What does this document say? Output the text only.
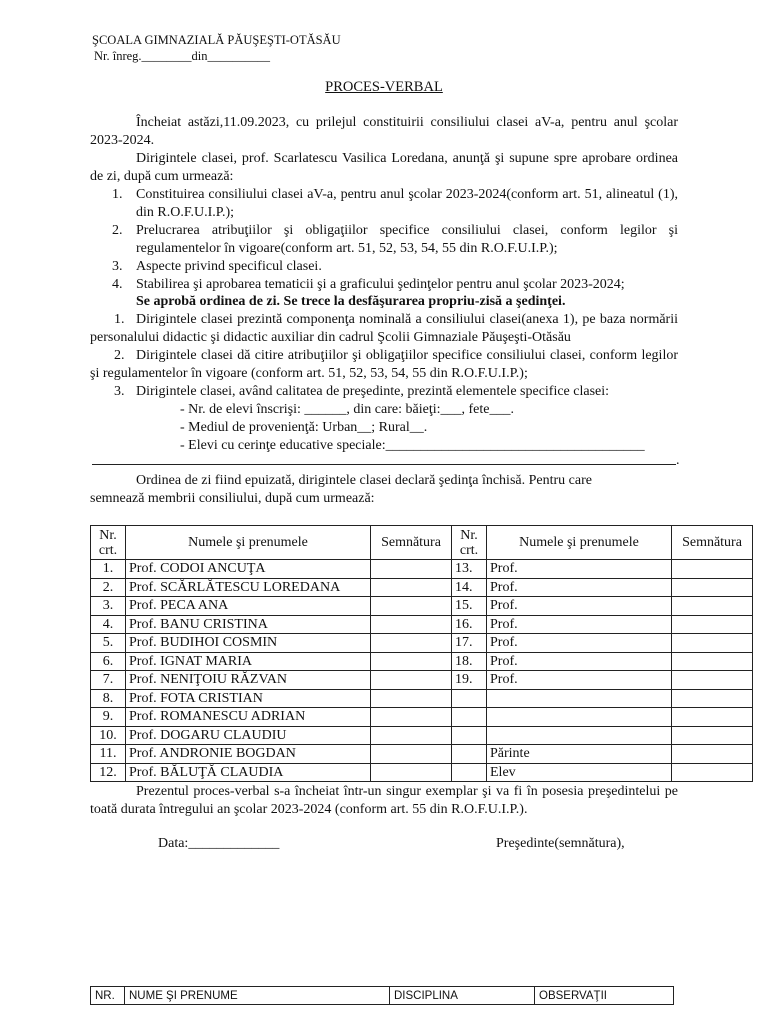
ŞCOALA GIMNAZIALĂ PĂUŞEŞTI-OTĂSĂU
Nr. înreg.________din__________
PROCES-VERBAL
Încheiat astăzi,11.09.2023, cu prilejul constituirii consiliului clasei aV-a, pentru anul şcolar 2023-2024.
Dirigintele clasei, prof. Scarlatescu Vasilica Loredana, anunţă şi supune spre aprobare ordinea de zi, după cum urmează:
1. Constituirea consiliului clasei aV-a, pentru anul şcolar 2023-2024(conform art. 51, alineatul (1), din R.O.F.U.I.P.);
2. Prelucrarea atribuţiilor şi obligaţiilor specifice consiliului clasei, conform legilor şi regulamentelor în vigoare(conform art. 51, 52, 53, 54, 55 din R.O.F.U.I.P.);
3. Aspecte privind specificul clasei.
4. Stabilirea şi aprobarea tematicii şi a graficului şedinţelor pentru anul şcolar 2023-2024;
Se aprobă ordinea de zi. Se trece la desfăşurarea propriu-zisă a şedinţei.
1. Dirigintele clasei prezintă componenţa nominală a consiliului clasei(anexa 1), pe baza normării personalului didactic şi didactic auxiliar din cadrul Şcolii Gimnaziale Păuşeşti-Otăsău
2. Dirigintele clasei dă citire atribuţiilor şi obligaţiilor specifice consiliului clasei, conform legilor şi regulamentelor în vigoare (conform art. 51, 52, 53, 54, 55 din R.O.F.U.I.P.);
3. Dirigintele clasei, având calitatea de preşedinte, prezintă elementele specifice clasei:
- Nr. de elevi înscrişi: ______, din care: băieţi:___, fete___.
- Mediul de provenienţă: Urban__; Rural__.
- Elevi cu cerinţe educative speciale:_____________________________________
.
Ordinea de zi fiind epuizată, dirigintele clasei declară şedinţa închisă. Pentru care semnează membrii consiliului, după cum urmează:
Nr. crt.	Numele şi prenumele	Semnătura	Nr. crt.	Numele şi prenumele	Semnătura
1.	Prof. CODOI ANCUŢA		13.	Prof.	
2.	Prof. SCĂRLĂTESCU LOREDANA		14.	Prof.	
3.	Prof. PECA ANA		15.	Prof.	
4.	Prof. BANU CRISTINA		16.	Prof.	
5.	Prof. BUDIHOI COSMIN		17.	Prof.	
6.	Prof. IGNAT MARIA		18.	Prof.	
7.	Prof. NENIŢOIU RĂZVAN		19.	Prof.	
8.	Prof. FOTA CRISTIAN				
9.	Prof. ROMANESCU ADRIAN				
10.	Prof. DOGARU CLAUDIU				
11.	Prof. ANDRONIE BOGDAN			Părinte	
12.	Prof. BĂLUŢĂ CLAUDIA			Elev	
Prezentul proces-verbal s-a încheiat într-un singur exemplar şi va fi în posesia preşedintelui pe toată durata întregului an şcolar 2023-2024 (conform art. 55 din R.O.F.U.I.P.).
Data:_____________	Preşedinte(semnătura),
NR.	NUME ŞI PRENUME	DISCIPLINA	OBSERVAŢII
